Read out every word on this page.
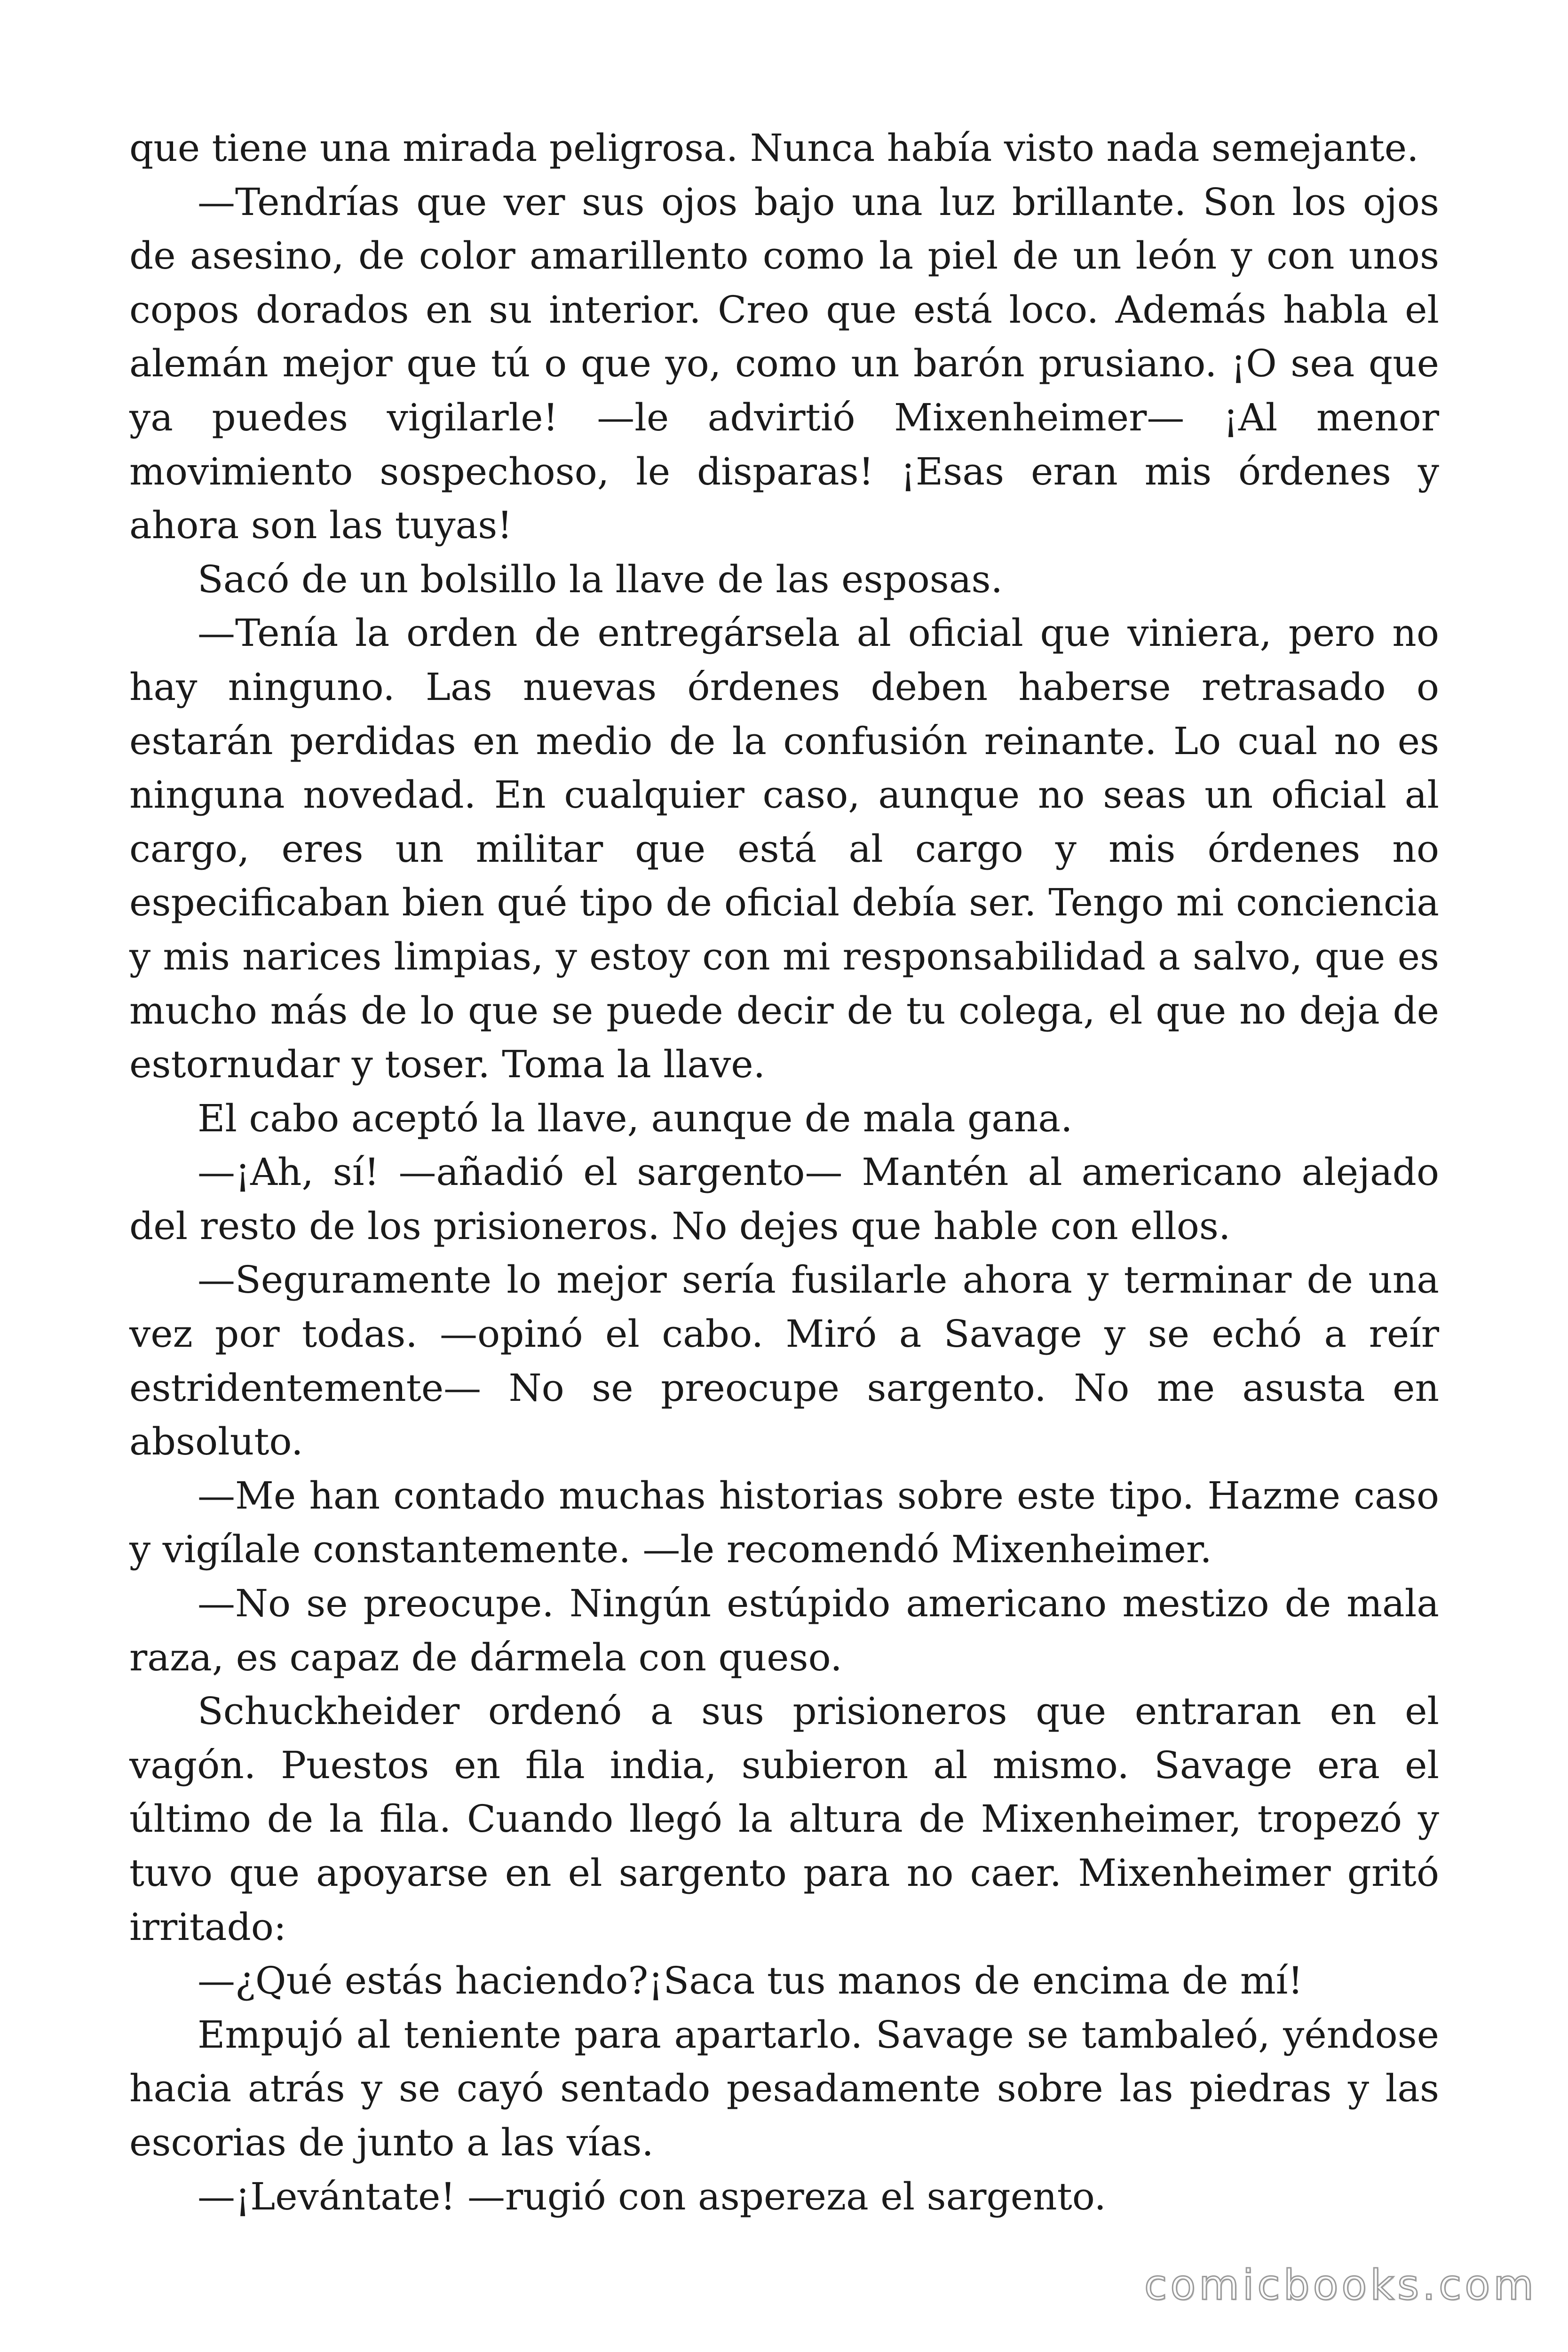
que tiene una mirada peligrosa. Nunca había visto nada semejante.

—Tendrías que ver sus ojos bajo una luz brillante. Son los ojos de asesino, de color amarillento como la piel de un león y con unos copos dorados en su interior. Creo que está loco. Además habla el alemán mejor que tú o que yo, como un barón prusiano. ¡O sea que ya puedes vigilarle! —le advirtió Mixenheimer— ¡Al menor movimiento sospechoso, le disparas! ¡Esas eran mis órdenes y ahora son las tuyas!

Sacó de un bolsillo la llave de las esposas.

—Tenía la orden de entregársela al oficial que viniera, pero no hay ninguno. Las nuevas órdenes deben haberse retrasado o estarán perdidas en medio de la confusión reinante. Lo cual no es ninguna novedad. En cualquier caso, aunque no seas un oficial al cargo, eres un militar que está al cargo y mis órdenes no especificaban bien qué tipo de oficial debía ser. Tengo mi conciencia y mis narices limpias, y estoy con mi responsabilidad a salvo, que es mucho más de lo que se puede decir de tu colega, el que no deja de estornudar y toser. Toma la llave.

El cabo aceptó la llave, aunque de mala gana.

—¡Ah, sí! —añadió el sargento— Mantén al americano alejado del resto de los prisioneros. No dejes que hable con ellos.

—Seguramente lo mejor sería fusilarle ahora y terminar de una vez por todas. —opinó el cabo. Miró a Savage y se echó a reír estridentemente— No se preocupe sargento. No me asusta en absoluto.

—Me han contado muchas historias sobre este tipo. Hazme caso y vigílale constantemente. —le recomendó Mixenheimer.

—No se preocupe. Ningún estúpido americano mestizo de mala raza, es capaz de dármela con queso.

Schuckheider ordenó a sus prisioneros que entraran en el vagón. Puestos en fila india, subieron al mismo. Savage era el último de la fila. Cuando llegó la altura de Mixenheimer, tropezó y tuvo que apoyarse en el sargento para no caer. Mixenheimer gritó irritado:

—¿Qué estás haciendo?¡Saca tus manos de encima de mí!

Empujó al teniente para apartarlo. Savage se tambaleó, yéndose hacia atrás y se cayó sentado pesadamente sobre las piedras y las escorias de junto a las vías.

—¡Levántate! —rugió con aspereza el sargento.

comicbooks.com
